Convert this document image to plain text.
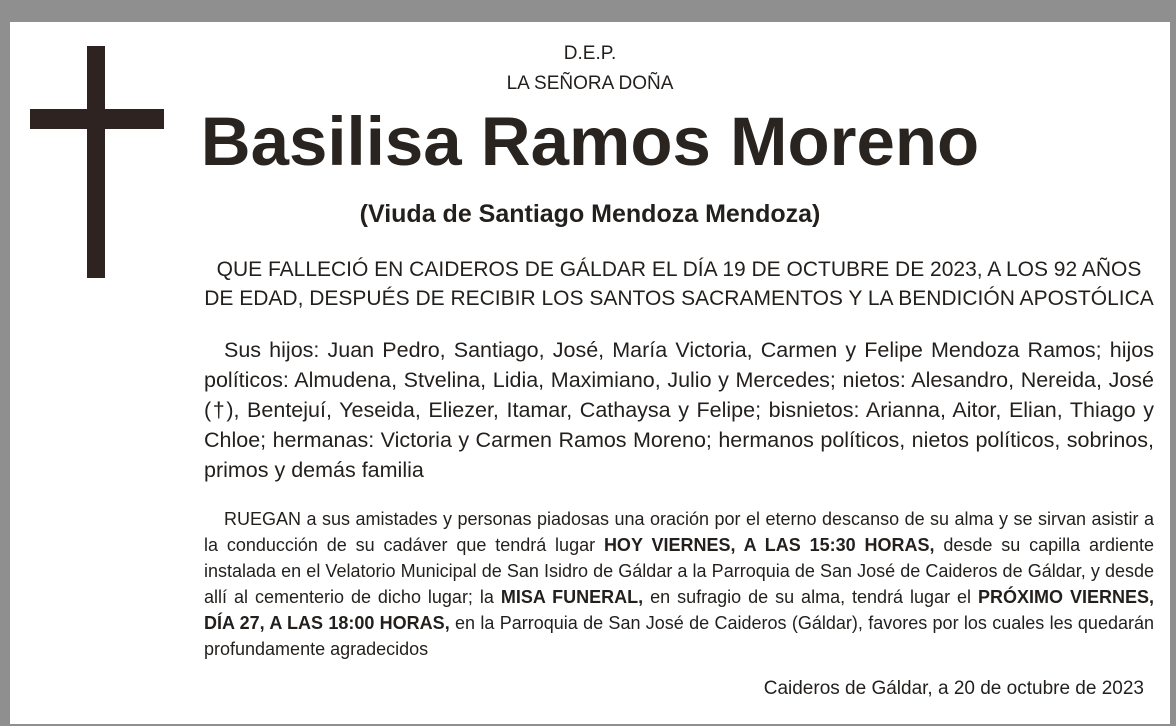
D.E.P.
LA SEÑORA DOÑA
Basilisa Ramos Moreno
(Viuda de Santiago Mendoza Mendoza)
QUE FALLECIÓ EN CAIDEROS DE GÁLDAR EL DÍA 19 DE OCTUBRE DE 2023, A LOS 92 AÑOS DE EDAD, DESPUÉS DE RECIBIR LOS SANTOS SACRAMENTOS Y LA BENDICIÓN APOSTÓLICA
Sus hijos: Juan Pedro, Santiago, José, María Victoria, Carmen y Felipe Mendoza Ramos; hijos políticos: Almudena, Stvelina, Lidia, Maximiano, Julio y Mercedes; nietos: Alesandro, Nereida, José (†), Bentejuí, Yeseida, Eliezer, Itamar, Cathaysa y Felipe; bisnietos: Arianna, Aitor, Elian, Thiago y Chloe; hermanas: Victoria y Carmen Ramos Moreno; hermanos políticos, nietos políticos, sobrinos, primos y demás familia
RUEGAN a sus amistades y personas piadosas una oración por el eterno descanso de su alma y se sirvan asistir a la conducción de su cadáver que tendrá lugar HOY VIERNES, A LAS 15:30 HORAS, desde su capilla ardiente instalada en el Velatorio Municipal de San Isidro de Gáldar a la Parroquia de San José de Caideros de Gáldar, y desde allí al cementerio de dicho lugar; la MISA FUNERAL, en sufragio de su alma, tendrá lugar el PRÓXIMO VIERNES, DÍA 27, A LAS 18:00 HORAS, en la Parroquia de San José de Caideros (Gáldar), favores por los cuales les quedarán profundamente agradecidos
Caideros de Gáldar, a 20 de octubre de 2023
